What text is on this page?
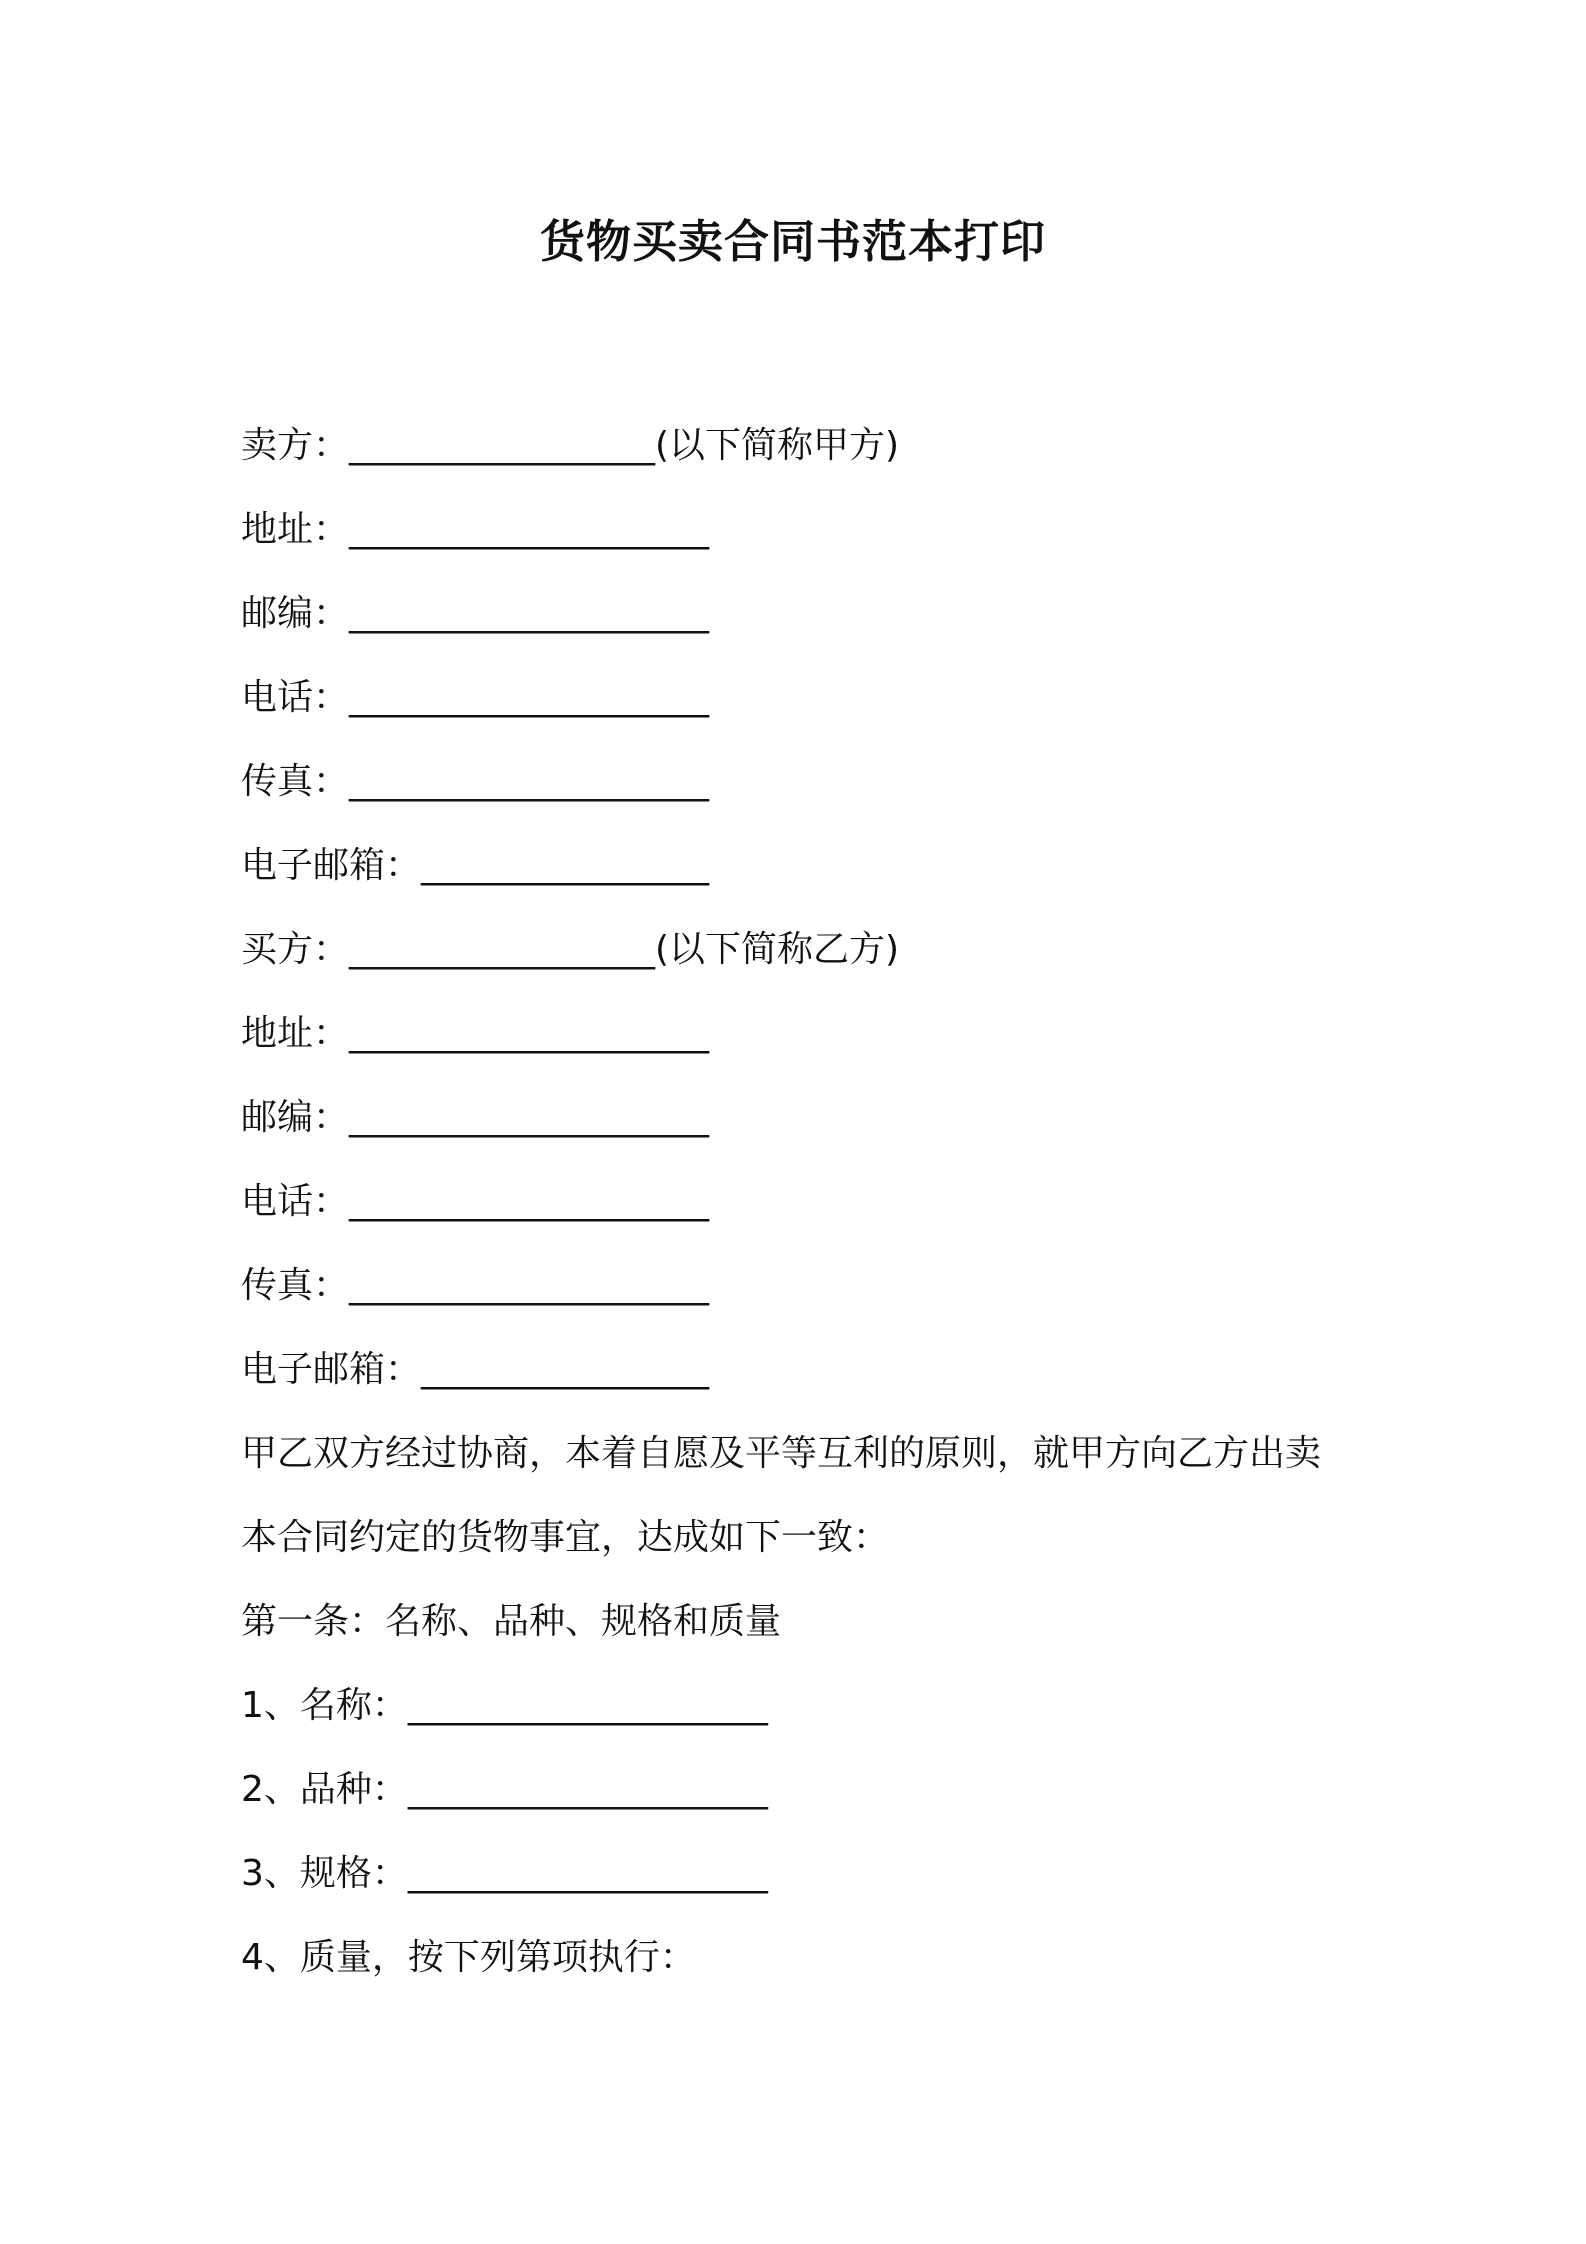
货物买卖合同书范本打印
卖方：_________________(以下简称甲方)
地址：____________________
邮编：____________________
电话：____________________
传真：____________________
电子邮箱：________________
买方：_________________(以下简称乙方)
地址：____________________
邮编：____________________
电话：____________________
传真：____________________
电子邮箱：________________
甲乙双方经过协商，本着自愿及平等互利的原则，就甲方向乙方出卖
本合同约定的货物事宜，达成如下一致：
第一条：名称、品种、规格和质量
1、名称：____________________
2、品种：____________________
3、规格：____________________
4、质量，按下列第项执行：
